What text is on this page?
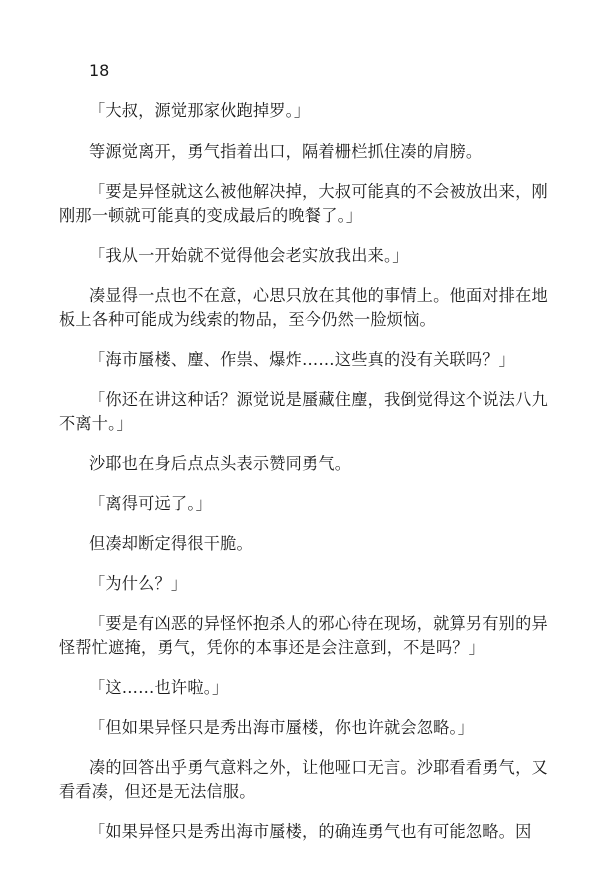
18

「大叔，源觉那家伙跑掉罗。」

等源觉离开，勇气指着出口，隔着栅栏抓住凑的肩膀。

「要是异怪就这么被他解决掉，大叔可能真的不会被放出来，刚刚那一顿就可能真的变成最后的晚餐了。」

「我从一开始就不觉得他会老实放我出来。」

凑显得一点也不在意，心思只放在其他的事情上。他面对排在地板上各种可能成为线索的物品，至今仍然一脸烦恼。

「海市蜃楼、麈、作祟、爆炸……这些真的没有关联吗？」

「你还在讲这种话？源觉说是蜃藏住麈，我倒觉得这个说法八九不离十。」

沙耶也在身后点点头表示赞同勇气。

「离得可远了。」

但凑却断定得很干脆。

「为什么？」

「要是有凶恶的异怪怀抱杀人的邪心待在现场，就算另有别的异怪帮忙遮掩，勇气，凭你的本事还是会注意到，不是吗？」

「这……也许啦。」

「但如果异怪只是秀出海市蜃楼，你也许就会忽略。」

凑的回答出乎勇气意料之外，让他哑口无言。沙耶看看勇气，又看看凑，但还是无法信服。

「如果异怪只是秀出海市蜃楼，的确连勇气也有可能忽略。因
